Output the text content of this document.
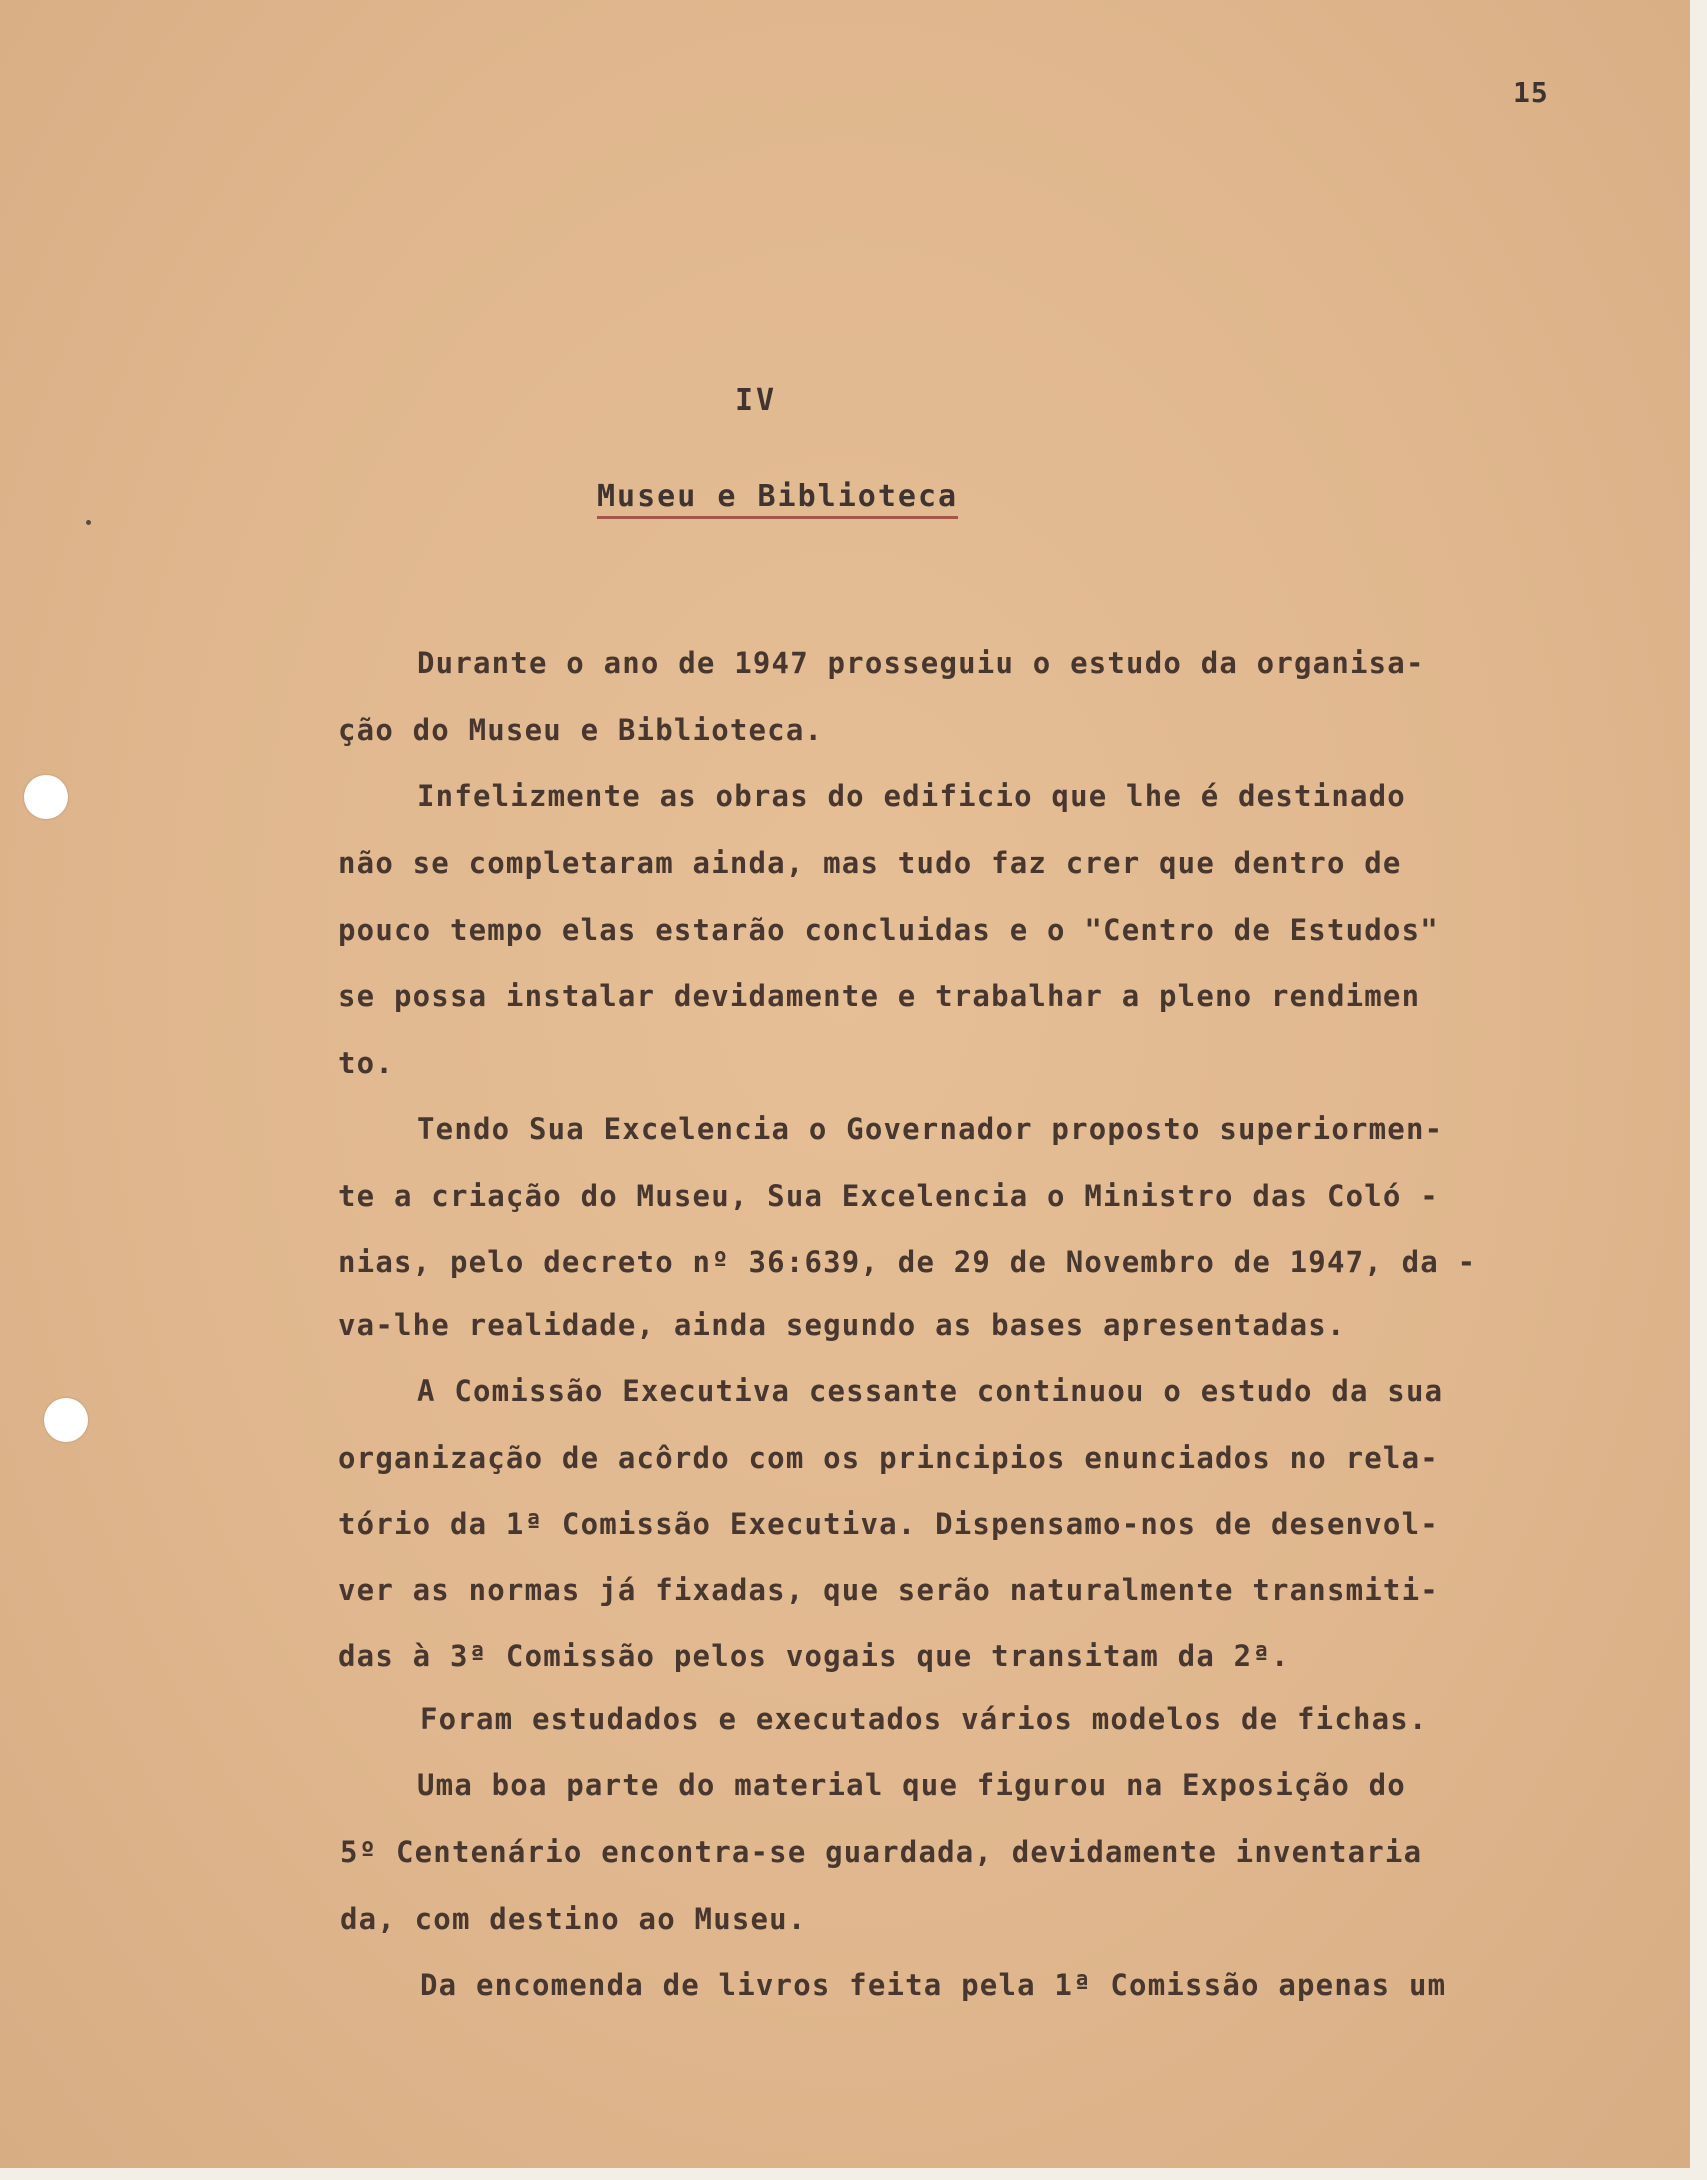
15
IV
Museu e Biblioteca
Durante o ano de 1947 prosseguiu o estudo da organisa-
ção do Museu e Biblioteca.
Infelizmente as obras do edificio que lhe é destinado
não se completaram ainda, mas tudo faz crer que dentro de
pouco tempo elas estarão concluidas e o "Centro de Estudos"
se possa instalar devidamente e trabalhar a pleno rendimen
to.
Tendo Sua Excelencia o Governador proposto superiormen-
te a criação do Museu, Sua Excelencia o Ministro das Coló -
nias, pelo decreto nº 36:639, de 29 de Novembro de 1947, da -
va-lhe realidade, ainda segundo as bases apresentadas.
A Comissão Executiva cessante continuou o estudo da sua
organização de acôrdo com os principios enunciados no rela-
tório da 1ª Comissão Executiva. Dispensamo-nos de desenvol-
ver as normas já fixadas, que serão naturalmente transmiti-
das à 3ª Comissão pelos vogais que transitam da 2ª.
Foram estudados e executados vários modelos de fichas.
Uma boa parte do material que figurou na Exposição do
5º Centenário encontra-se guardada, devidamente inventaria
da, com destino ao Museu.
Da encomenda de livros feita pela 1ª Comissão apenas um
